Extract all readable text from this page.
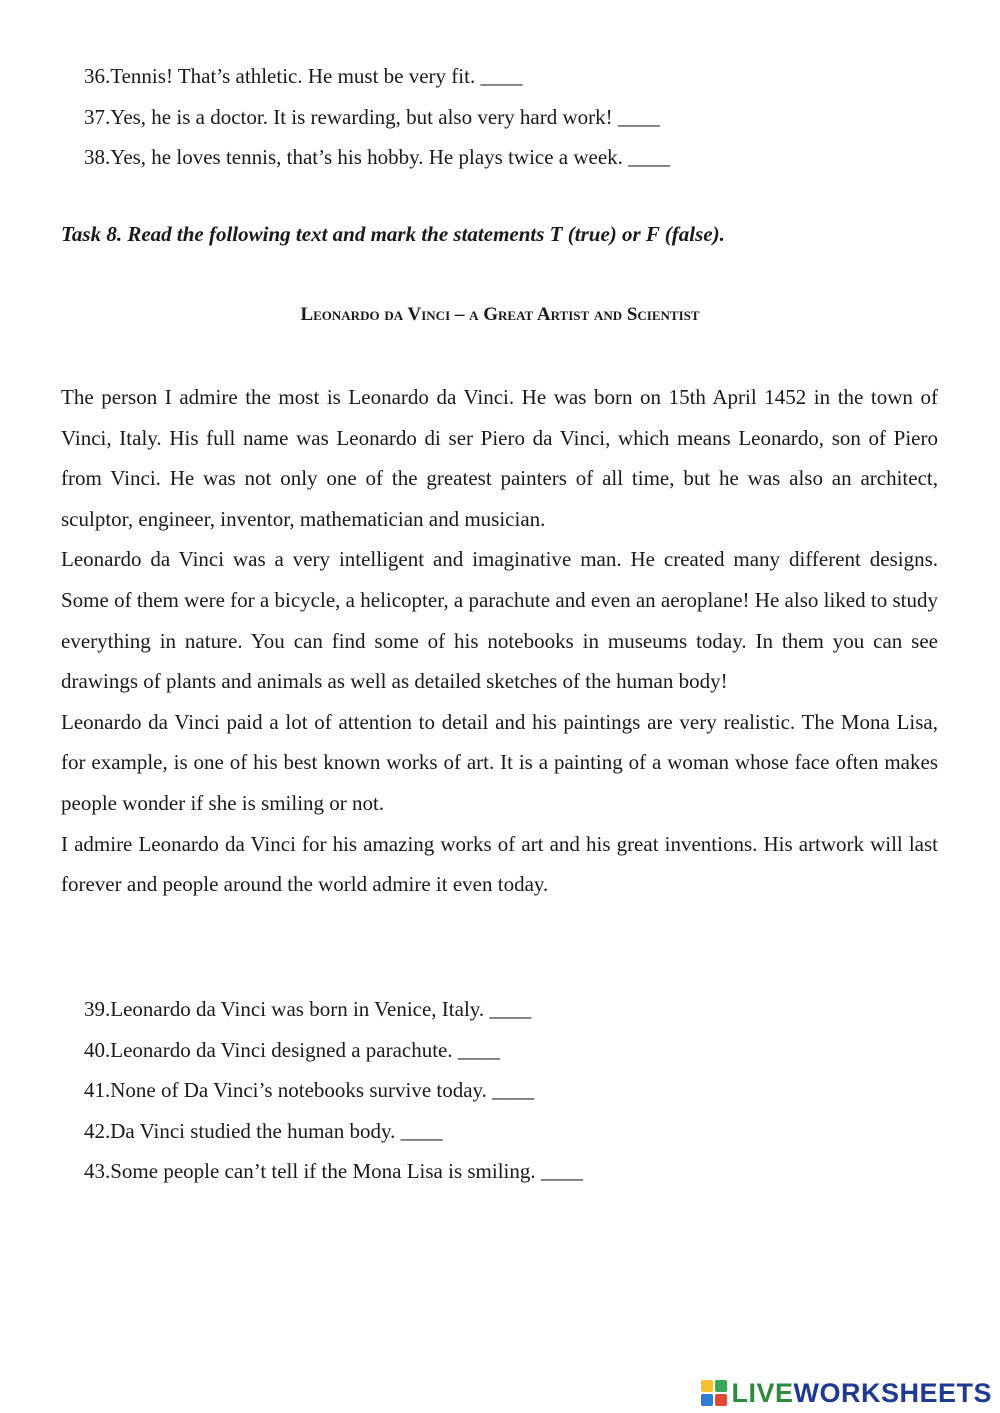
36.Tennis! That’s athletic. He must be very fit. ____
37.Yes, he is a doctor. It is rewarding, but also very hard work! ____
38.Yes, he loves tennis, that’s his hobby. He plays twice a week. ____
Task 8. Read the following text and mark the statements T (true) or F (false).
Leonardo da Vinci – a Great Artist and Scientist

The person I admire the most is Leonardo da Vinci. He was born on 15th April 1452 in the town of Vinci, Italy. His full name was Leonardo di ser Piero da Vinci, which means Leonardo, son of Piero from Vinci. He was not only one of the greatest painters of all time, but he was also an architect, sculptor, engineer, inventor, mathematician and musician.

Leonardo da Vinci was a very intelligent and imaginative man. He created many different designs. Some of them were for a bicycle, a helicopter, a parachute and even an aeroplane! He also liked to study everything in nature. You can find some of his notebooks in museums today. In them you can see drawings of plants and animals as well as detailed sketches of the human body!

Leonardo da Vinci paid a lot of attention to detail and his paintings are very realistic. The Mona Lisa, for example, is one of his best known works of art. It is a painting of a woman whose face often makes people wonder if she is smiling or not.

I admire Leonardo da Vinci for his amazing works of art and his great inventions. His artwork will last forever and people around the world admire it even today.

39.Leonardo da Vinci was born in Venice, Italy. ____
40.Leonardo da Vinci designed a parachute. ____
41.None of Da Vinci’s notebooks survive today. ____
42.Da Vinci studied the human body. ____
43.Some people can’t tell if the Mona Lisa is smiling. ____
LIVEWORKSHEETS
